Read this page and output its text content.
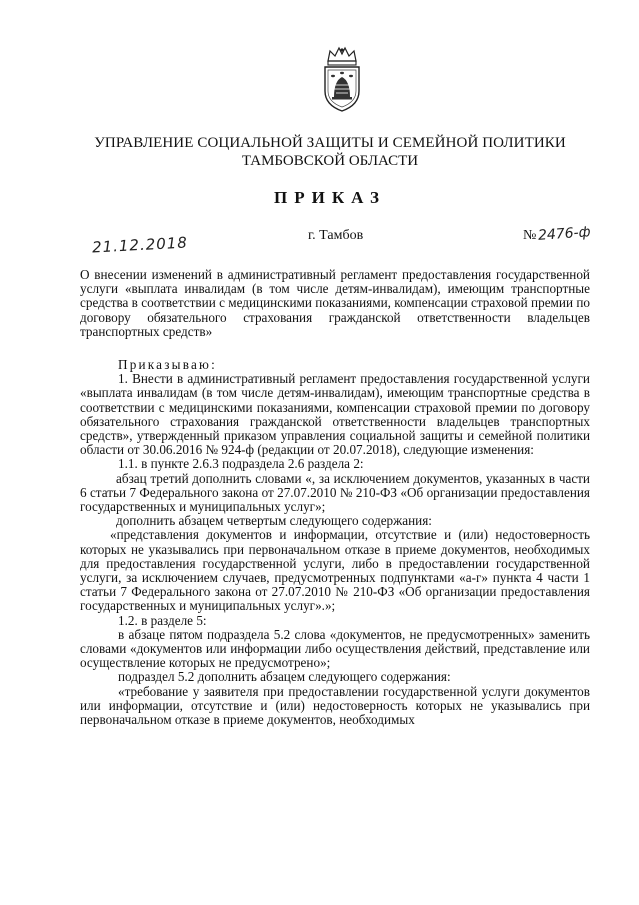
УПРАВЛЕНИЕ СОЦИАЛЬНОЙ ЗАЩИТЫ И СЕМЕЙНОЙ ПОЛИТИКИ
ТАМБОВСКОЙ ОБЛАСТИ
ПРИКАЗ
21.12.2018	г. Тамбов	№ 2476-ф
О внесении изменений в административный регламент предоставления государственной услуги «выплата инвалидам (в том числе детям-инвалидам), имеющим транспортные средства в соответствии с медицинскими показаниями, компенсации страховой премии по договору обязательного страхования гражданской ответственности владельцев транспортных средств»

Приказываю:

1. Внести в административный регламент предоставления государственной услуги «выплата инвалидам (в том числе детям-инвалидам), имеющим транспортные средства в соответствии с медицинскими показаниями, компенсации страховой премии по договору обязательного страхования гражданской ответственности владельцев транспортных средств», утвержденный приказом управления социальной защиты и семейной политики области от 30.06.2016 № 924-ф (редакции от 20.07.2018), следующие изменения:

1.1. в пункте 2.6.3 подраздела 2.6 раздела 2:

абзац третий дополнить словами «, за исключением документов, указанных в части 6 статьи 7 Федерального закона от 27.07.2010 № 210-ФЗ «Об организации предоставления государственных и муниципальных услуг»;

дополнить абзацем четвертым следующего содержания:

«представления документов и информации, отсутствие и (или) недостоверность которых не указывались при первоначальном отказе в приеме документов, необходимых для предоставления государственной услуги, либо в предоставлении государственной услуги, за исключением случаев, предусмотренных подпунктами «а-г» пункта 4 части 1 статьи 7 Федерального закона от 27.07.2010 № 210-ФЗ «Об организации предоставления государственных и муниципальных услуг».»;

1.2. в разделе 5:

в абзаце пятом подраздела 5.2 слова «документов, не предусмотренных» заменить словами «документов или информации либо осуществления действий, представление или осуществление которых не предусмотрено»;

подраздел 5.2 дополнить абзацем следующего содержания:

«требование у заявителя при предоставлении государственной услуги документов или информации, отсутствие и (или) недостоверность которых не указывались при первоначальном отказе в приеме документов, необходимых
